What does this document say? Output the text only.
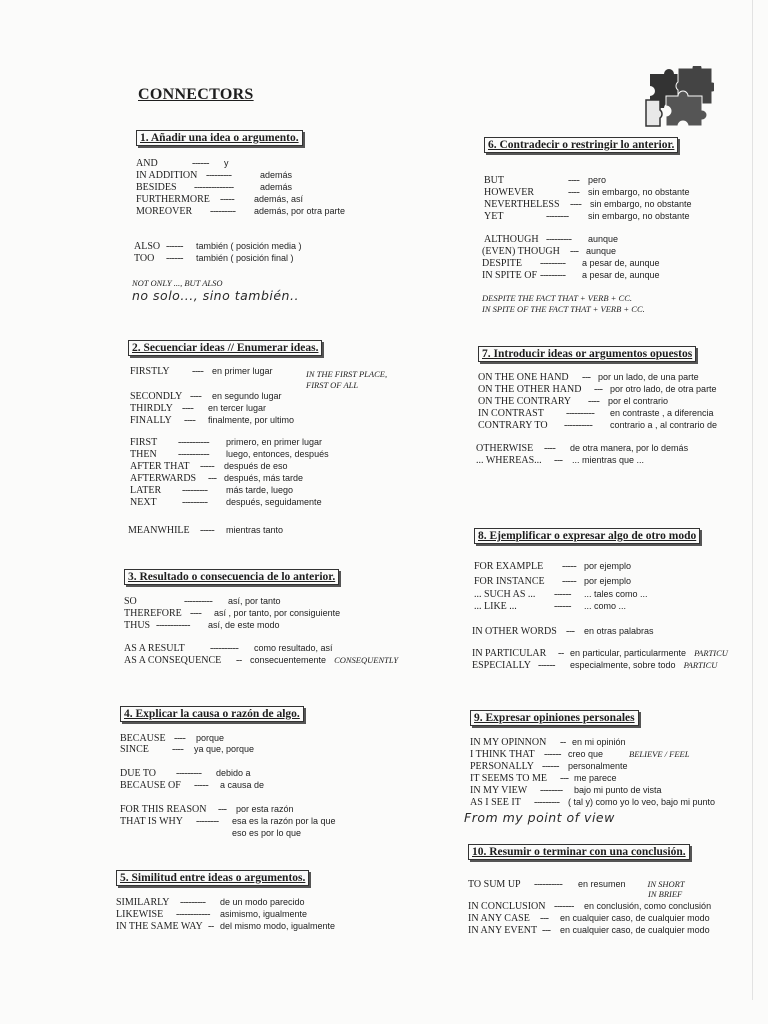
CONNECTORS
1. Añadir una idea o argumento.
AND	------ y
IN ADDITION ---------	además
BESIDES --------------	además
FURTHERMORE ----- además, así
MOREOVER --------- además, por otra parte
ALSO ------ también ( posición media )
TOO ------ también ( posición final )
NOT ONLY ..., BUT ALSO
no solo..., sino también..
2. Secuenciar ideas // Enumerar ideas.
FIRSTLY ---- en primer lugar	IN THE FIRST PLACE,
FIRST OF ALL
SECONDLY ---- en segundo lugar
THIRDLY ---- en tercer lugar
FINALLY ---- finalmente, por ultimo
FIRST ----------- primero, en primer lugar
THEN ----------- luego, entonces, después
AFTER THAT ----- después de eso
AFTERWARDS --- después, más tarde
LATER --------- más tarde, luego
NEXT	--------- después, seguidamente
MEANWHILE ----- mientras tanto
3. Resultado o consecuencia de lo anterior.
SO	---------- así, por tanto
THEREFORE ---- así , por tanto, por consiguiente
THUS ------------ así, de este modo
AS A RESULT	---------- como resultado, así
AS A CONSEQUENCE -- consecuentemente CONSEQUENTLY
4. Explicar la causa o razón de algo.
BECAUSE ---- porque
SINCE ---- ya que, porque
DUE TO --------- debido a
BECAUSE OF ----- a causa de
FOR THIS REASON --- por esta razón
THAT IS WHY -------- esa es la razón por la que
eso es por lo que
5. Similitud entre ideas o argumentos.
SIMILARLY --------- de un modo parecido
LIKEWISE ------------ asimismo, igualmente
IN THE SAME WAY -- del mismo modo, igualmente
6. Contradecir o restringir lo anterior.
BUT	---- pero
HOWEVER	---- sin embargo, no obstante
NEVERTHELESS ---- sin embargo, no obstante
YET	-------- sin embargo, no obstante
ALTHOUGH --------- aunque
(EVEN) THOUGH --- aunque
DESPITE --------- a pesar de, aunque
IN SPITE OF --------- a pesar de, aunque
DESPITE THE FACT THAT + VERB + CC.
IN SPITE OF THE FACT THAT + VERB + CC.
7. Introducir ideas or argumentos opuestos
ON THE ONE HAND --- por un lado, de una parte
ON THE OTHER HAND --- por otro lado, de otra parte
ON THE CONTRARY ---- por el contrario
IN CONTRAST ---------- en contraste , a diferencia
CONTRARY TO ---------- contrario a , al contrario de
OTHERWISE ---- de otra manera, por lo demás
... WHEREAS... --- ... mientras que ...
8. Ejemplificar o expresar algo de otro modo
FOR EXAMPLE ----- por ejemplo
FOR INSTANCE ----- por ejemplo
... SUCH AS ... ------ ... tales como ...
... LIKE ...	------ ... como ...
IN OTHER WORDS --- en otras palabras
IN PARTICULAR -- en particular, particularmente PARTICU
ESPECIALLY ------ especialmente, sobre todo PARTICU
9. Expresar opiniones personales
IN MY OPINNON -- en mi opinión
I THINK THAT ------ creo que	BELIEVE / FEEL
PERSONALLY ------ personalmente
IT SEEMS TO ME --- me parece
IN MY VIEW -------- bajo mi punto de vista
AS I SEE IT --------- ( tal y) como yo lo veo, bajo mi punto
From my point of view
10. Resumir o terminar con una conclusión.
TO SUM UP ---------- en resumen	IN SHORT
IN BRIEF
IN CONCLUSION ------- en conclusión, como conclusión
IN ANY CASE --- en cualquier caso, de cualquier modo
IN ANY EVENT --- en cualquier caso, de cualquier modo
